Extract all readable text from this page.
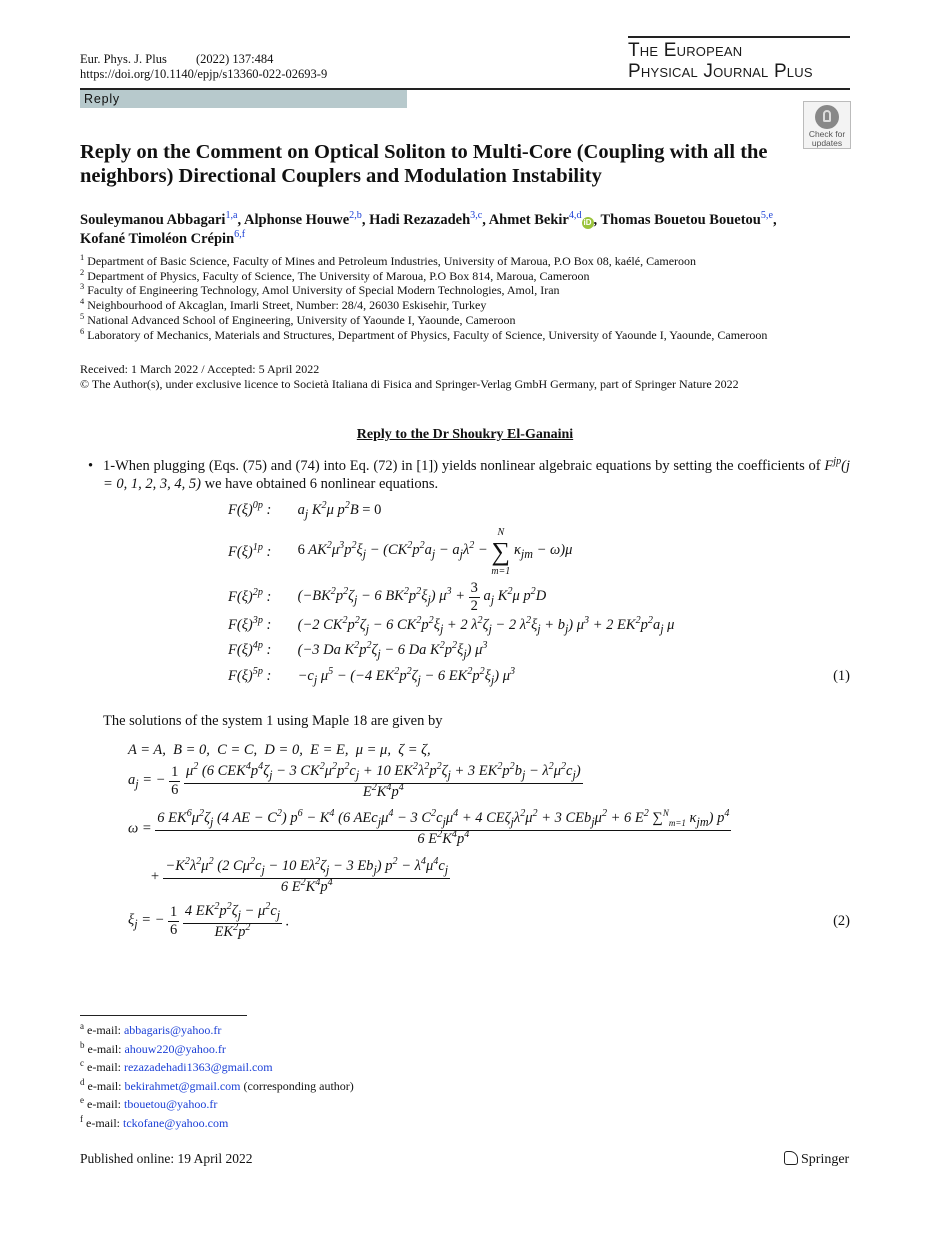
Eur. Phys. J. Plus (2022) 137:484
https://doi.org/10.1140/epjp/s13360-022-02693-9
The European
Physical Journal Plus
Reply
Check for
updates
Reply on the Comment on Optical Soliton to Multi-Core (Coupling with all the neighbors) Directional Couplers and Modulation Instability
Souleymanou Abbagari$^{1,a}$, Alphonse Houwe$^{2,b}$, Hadi Rezazadeh$^{3,c}$, Ahmet Bekir$^{4,d}$iD , Thomas Bouetou Bouetou$^{5,e}$,
Kofané Timoléon Crépin$^{6,f}$
$^1$ Department of Basic Science, Faculty of Mines and Petroleum Industries, University of Maroua, P.O Box 08, kaélé, Cameroon
$^2$ Department of Physics, Faculty of Science, The University of Maroua, P.O Box 814, Maroua, Cameroon
$^3$ Faculty of Engineering Technology, Amol University of Special Modern Technologies, Amol, Iran
$^4$ Neighbourhood of Akcaglan, Imarli Street, Number: 28/4, 26030 Eskisehir, Turkey
$^5$ National Advanced School of Engineering, University of Yaounde I, Yaounde, Cameroon
$^6$ Laboratory of Mechanics, Materials and Structures, Department of Physics, Faculty of Science, University of Yaounde I, Yaounde, Cameroon
Received: 1 March 2022 / Accepted: 5 April 2022
© The Author(s), under exclusive licence to Società Italiana di Fisica and Springer-Verlag GmbH Germany, part of Springer Nature 2022
Reply to the Dr Shoukry El-Ganaini
• 1-When plugging (Eqs. (75) and (74) into Eq. (72) in [1]) yields nonlinear algebraic equations by setting the coefficients of $F^{jp}(j = 0$, 1, 2, 3, 4, 5) we have obtained 6 nonlinear equations.
$F(\xi)^{0p}$ : $a_j$ $K^2\mu$ $p^2B = 0$
$F(\xi)^{1p}$ : 6 $AK^2\mu^3p^2\xi_j - (CK^2p^2a_j - a_j\lambda^2$ −
N
∑
m=1
$\kappa_{jm} - \omega)\mu$
$F(\xi)^{2p}$ : ($-BK^2p^2\zeta_j - 6$ $BK^2p^2\xi_j$) $\mu^3 + \frac{3}{2} a_j$ $K^2\mu$ $p^2D$
$F(\xi)^{3p}$ : (−2 $CK^2p^2\zeta_j - 6$ $CK^2p^2\xi_j + 2$ $\lambda^2\zeta_j - 2$ $\lambda^2\xi_j + b_j$) $\mu^3 + 2$ $EK^2p^2a_j$ μ
$F(\xi)^{4p}$ : (−3 Da $K^2p^2\zeta_j - 6$ Da $K^2p^2\xi_j$) $\mu^3$
$F(\xi)^{5p}$ : $-c_j$ $\mu^5 - (-4$ $EK^2p^2\zeta_j - 6$ $EK^2p^2\xi_j$) $\mu^3$	(1)
The solutions of the system 1 using Maple 18 are given by
A = A,  B = 0,  C = C,  D = 0,  E = E,  μ = μ,  ζ = ζ,
$a_j$ = − $\frac{1}{6}$
$\mu^2$ (6 $CEK^4p^4\zeta_j - 3$ $CK^2\mu^2p^2c_j + 10$ $EK^2\lambda^2p^2\zeta_j + 3$ $EK^2p^2b_j - \lambda^2\mu^2c_j$)
$E^2K^4p^4$
ω =
6 $EK^6\mu^2\zeta_j$ (4 AE − $C^2$) $p^6 - K^4$ (6 $AEc_j\mu^4 - 3$ $C^2c_j\mu^4 + 4$ $CE\zeta_j\lambda^2\mu^2 + 3$ $CEb_j\mu^2 + 6$ $E^2$ ∑$^N_{m=1}$ $\kappa_{jm}$) $p^4$
6 $E^2K^4p^4$
+ $\frac{-K^2\lambda^2\mu^2 (2 C\mu^2c_j - 10 E\lambda^2\zeta_j - 3 Eb_j) p^2 - \lambda^4\mu^4c_j}{6 E^2K^4p^4}$
$\xi_j$ = − $\frac{1}{6}$
$\frac{4 EK^2p^2\zeta_j - \mu^2c_j}{EK^2p^2}$ .	(2)
$^a$ e-mail: abbagaris@yahoo.fr
$^b$ e-mail: ahouw220@yahoo.fr
$^c$ e-mail: rezazadehadi1363@gmail.com
$^d$ e-mail: bekirahmet@gmail.com (corresponding author)
$^e$ e-mail: tbouetou@yahoo.fr
$^f$ e-mail: tckofane@yahoo.com
Published online: 19 April 2022	Springer
